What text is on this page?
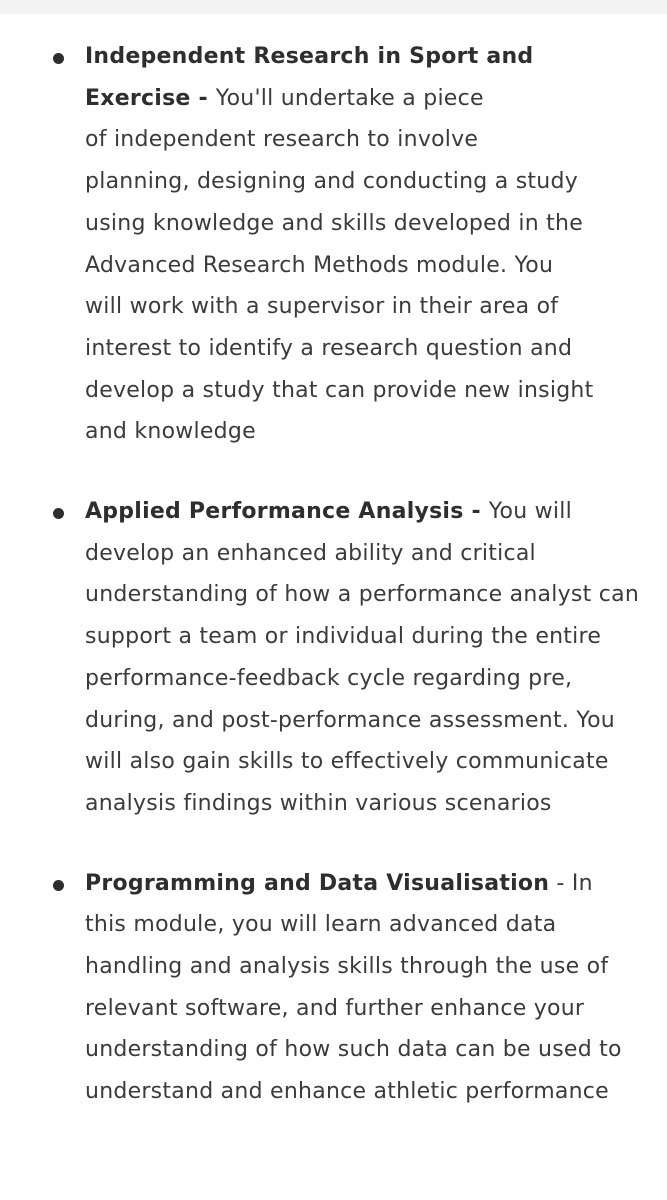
Independent Research in Sport and Exercise - You'll undertake a piece
of independent research to involve
planning, designing and conducting a study
using knowledge and skills developed in the
Advanced Research Methods module. You
will work with a supervisor in their area of
interest to identify a research question and
develop a study that can provide new insight
and knowledge
Applied Performance Analysis - You will develop an enhanced ability and critical understanding of how a performance analyst can support a team or individual during the entire performance-feedback cycle regarding pre, during, and post-performance assessment. You will also gain skills to effectively communicate analysis findings within various scenarios
Programming and Data Visualisation - In this module, you will learn advanced data handling and analysis skills through the use of relevant software, and further enhance your understanding of how such data can be used to understand and enhance athletic performance
